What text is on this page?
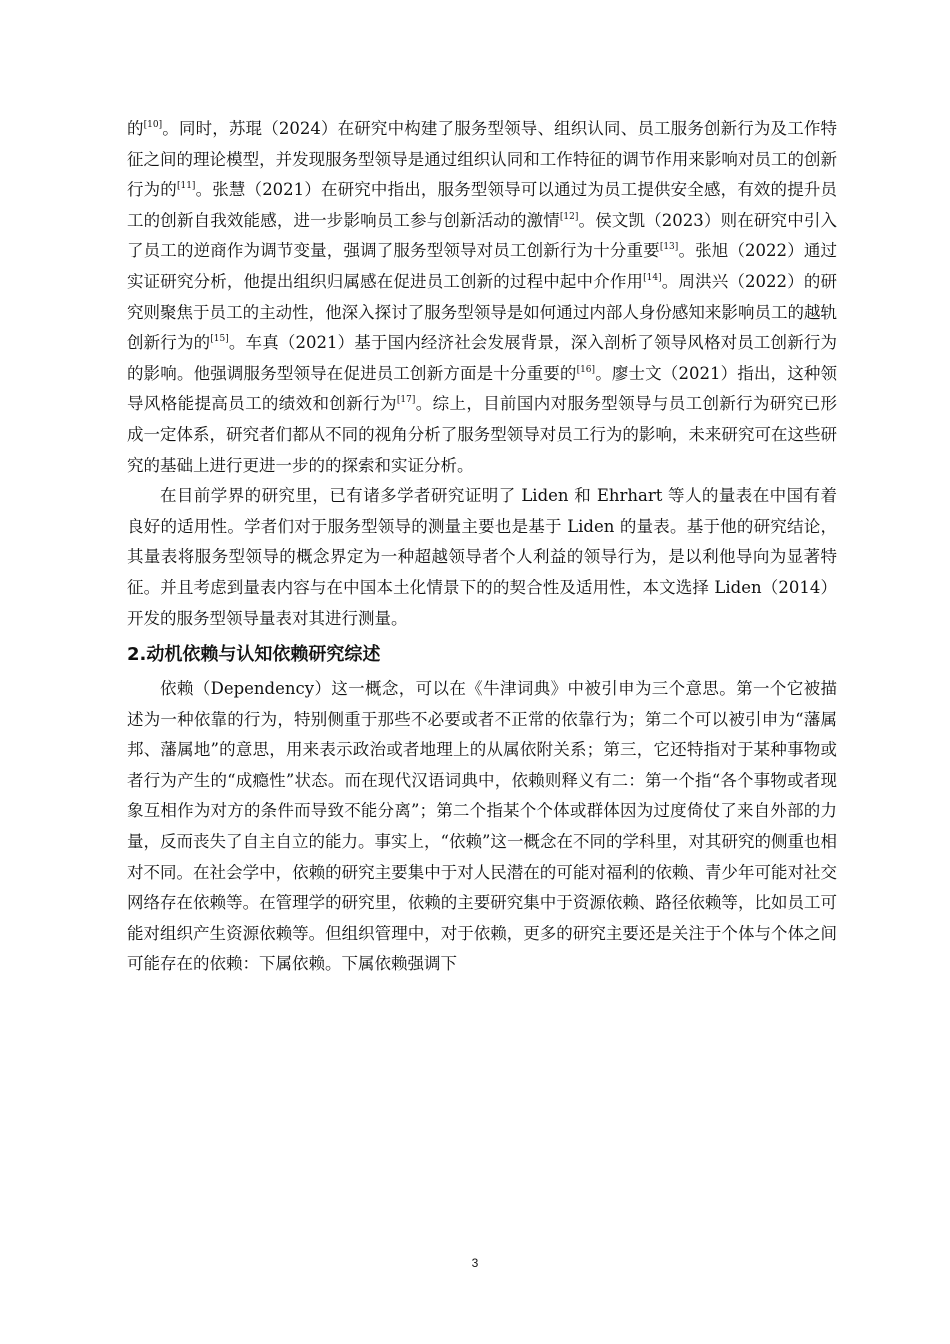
的[10]。同时，苏琨（2024）在研究中构建了服务型领导、组织认同、员工服务创新行为及工作特征之间的理论模型，并发现服务型领导是通过组织认同和工作特征的调节作用来影响对员工的创新行为的[11]。张慧（2021）在研究中指出，服务型领导可以通过为员工提供安全感，有效的提升员工的创新自我效能感，进一步影响员工参与创新活动的激情[12]。侯文凯（2023）则在研究中引入了员工的逆商作为调节变量，强调了服务型领导对员工创新行为十分重要[13]。张旭（2022）通过实证研究分析，他提出组织归属感在促进员工创新的过程中起中介作用[14]。周洪兴（2022）的研究则聚焦于员工的主动性，他深入探讨了服务型领导是如何通过内部人身份感知来影响员工的越轨创新行为的[15]。车真（2021）基于国内经济社会发展背景，深入剖析了领导风格对员工创新行为的影响。他强调服务型领导在促进员工创新方面是十分重要的[16]。廖士文（2021）指出，这种领导风格能提高员工的绩效和创新行为[17]。综上，目前国内对服务型领导与员工创新行为研究已形成一定体系，研究者们都从不同的视角分析了服务型领导对员工行为的影响，未来研究可在这些研究的基础上进行更进一步的的探索和实证分析。

在目前学界的研究里，已有诸多学者研究证明了 Liden 和 Ehrhart 等人的量表在中国有着良好的适用性。学者们对于服务型领导的测量主要也是基于 Liden 的量表。基于他的研究结论，其量表将服务型领导的概念界定为一种超越领导者个人利益的领导行为，是以利他导向为显著特征。并且考虑到量表内容与在中国本土化情景下的的契合性及适用性，本文选择 Liden（2014）开发的服务型领导量表对其进行测量。

2.动机依赖与认知依赖研究综述

依赖（Dependency）这一概念，可以在《牛津词典》中被引申为三个意思。第一个它被描述为一种依靠的行为，特别侧重于那些不必要或者不正常的依靠行为；第二个可以被引申为“藩属邦、藩属地”的意思，用来表示政治或者地理上的从属依附关系；第三，它还特指对于某种事物或者行为产生的“成瘾性”状态。而在现代汉语词典中，依赖则释义有二：第一个指“各个事物或者现象互相作为对方的条件而导致不能分离”；第二个指某个个体或群体因为过度倚仗了来自外部的力量，反而丧失了自主自立的能力。事实上，“依赖”这一概念在不同的学科里，对其研究的侧重也相对不同。在社会学中，依赖的研究主要集中于对人民潜在的可能对福利的依赖、青少年可能对社交网络存在依赖等。在管理学的研究里，依赖的主要研究集中于资源依赖、路径依赖等，比如员工可能对组织产生资源依赖等。但组织管理中，对于依赖，更多的研究主要还是关注于个体与个体之间可能存在的依赖：下属依赖。下属依赖强调下

3
